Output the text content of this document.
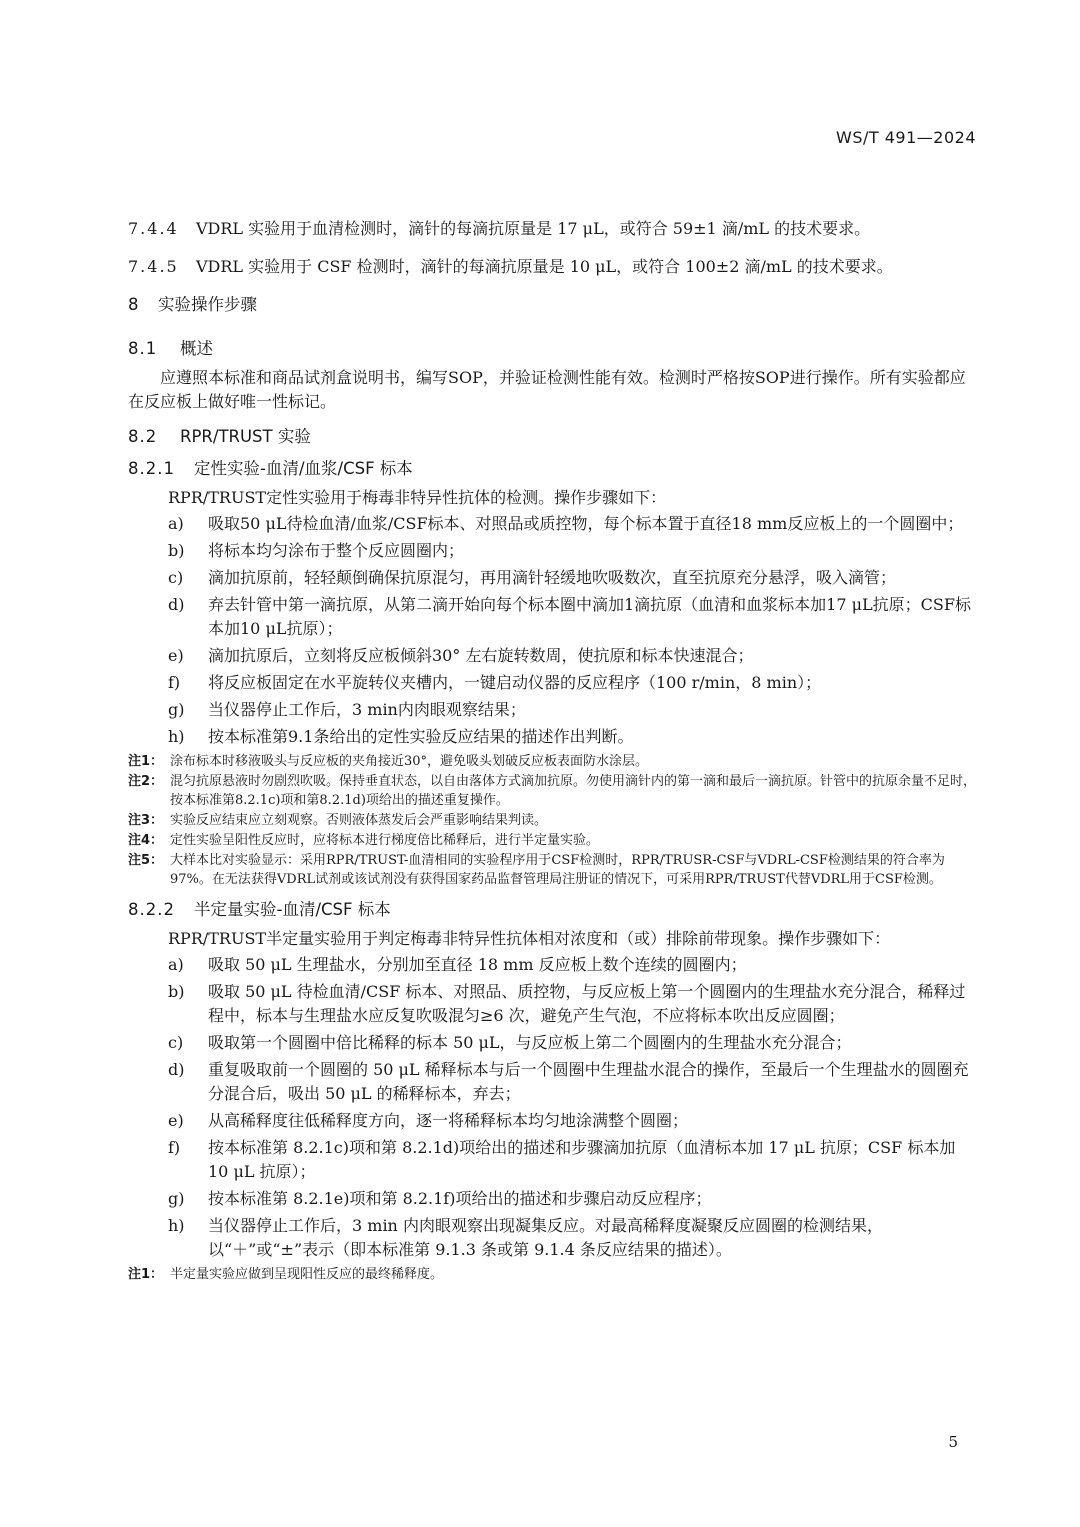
WS/T 491—2024
7.4.4 VDRL 实验用于血清检测时，滴针的每滴抗原量是 17 μL，或符合 59±1 滴/mL 的技术要求。
7.4.5 VDRL 实验用于 CSF 检测时，滴针的每滴抗原量是 10 μL，或符合 100±2 滴/mL 的技术要求。
8 实验操作步骤
8.1 概述

应遵照本标准和商品试剂盒说明书，编写SOP，并验证检测性能有效。检测时严格按SOP进行操作。所有实验都应在反应板上做好唯一性标记。

8.2 RPR/TRUST 实验
8.2.1 定性实验-血清/血浆/CSF 标本

RPR/TRUST定性实验用于梅毒非特异性抗体的检测。操作步骤如下：

a) 吸取50 μL待检血清/血浆/CSF标本、对照品或质控物，每个标本置于直径18 mm反应板上的一个圆圈中；
b) 将标本均匀涂布于整个反应圆圈内；
c) 滴加抗原前，轻轻颠倒确保抗原混匀，再用滴针轻缓地吹吸数次，直至抗原充分悬浮，吸入滴管；
d) 弃去针管中第一滴抗原，从第二滴开始向每个标本圈中滴加1滴抗原（血清和血浆标本加17 μL抗原；CSF标本加10 μL抗原）；
e) 滴加抗原后，立刻将反应板倾斜30° 左右旋转数周，使抗原和标本快速混合；
f) 将反应板固定在水平旋转仪夹槽内，一键启动仪器的反应程序（100 r/min，8 min）；
g) 当仪器停止工作后，3 min内肉眼观察结果；
h) 按本标准第9.1条给出的定性实验反应结果的描述作出判断。
注1： 涂布标本时移液吸头与反应板的夹角接近30°，避免吸头划破反应板表面防水涂层。
注2： 混匀抗原悬液时勿剧烈吹吸。保持垂直状态，以自由落体方式滴加抗原。勿使用滴针内的第一滴和最后一滴抗原。针管中的抗原余量不足时，按本标准第8.2.1c)项和第8.2.1d)项给出的描述重复操作。
注3： 实验反应结束应立刻观察。否则液体蒸发后会严重影响结果判读。
注4： 定性实验呈阳性反应时，应将标本进行梯度倍比稀释后，进行半定量实验。
注5： 大样本比对实验显示：采用RPR/TRUST-血清相同的实验程序用于CSF检测时，RPR/TRUSR-CSF与VDRL-CSF检测结果的符合率为97%。在无法获得VDRL试剂或该试剂没有获得国家药品监督管理局注册证的情况下，可采用RPR/TRUST代替VDRL用于CSF检测。
8.2.2 半定量实验-血清/CSF 标本

RPR/TRUST半定量实验用于判定梅毒非特异性抗体相对浓度和（或）排除前带现象。操作步骤如下：

a) 吸取 50 μL 生理盐水，分别加至直径 18 mm 反应板上数个连续的圆圈内；
b) 吸取 50 μL 待检血清/CSF 标本、对照品、质控物，与反应板上第一个圆圈内的生理盐水充分混合，稀释过程中，标本与生理盐水应反复吹吸混匀≥6 次，避免产生气泡，不应将标本吹出反应圆圈；
c) 吸取第一个圆圈中倍比稀释的标本 50 μL，与反应板上第二个圆圈内的生理盐水充分混合；
d) 重复吸取前一个圆圈的 50 μL 稀释标本与后一个圆圈中生理盐水混合的操作，至最后一个生理盐水的圆圈充分混合后，吸出 50 μL 的稀释标本，弃去；
e) 从高稀释度往低稀释度方向，逐一将稀释标本均匀地涂满整个圆圈；
f) 按本标准第 8.2.1c)项和第 8.2.1d)项给出的描述和步骤滴加抗原（血清标本加 17 μL 抗原；CSF 标本加 10 μL 抗原）；
g) 按本标准第 8.2.1e)项和第 8.2.1f)项给出的描述和步骤启动反应程序；
h) 当仪器停止工作后，3 min 内肉眼观察出现凝集反应。对最高稀释度凝聚反应圆圈的检测结果，以“＋”或“±”表示（即本标准第 9.1.3 条或第 9.1.4 条反应结果的描述）。
注1： 半定量实验应做到呈现阳性反应的最终稀释度。
5
